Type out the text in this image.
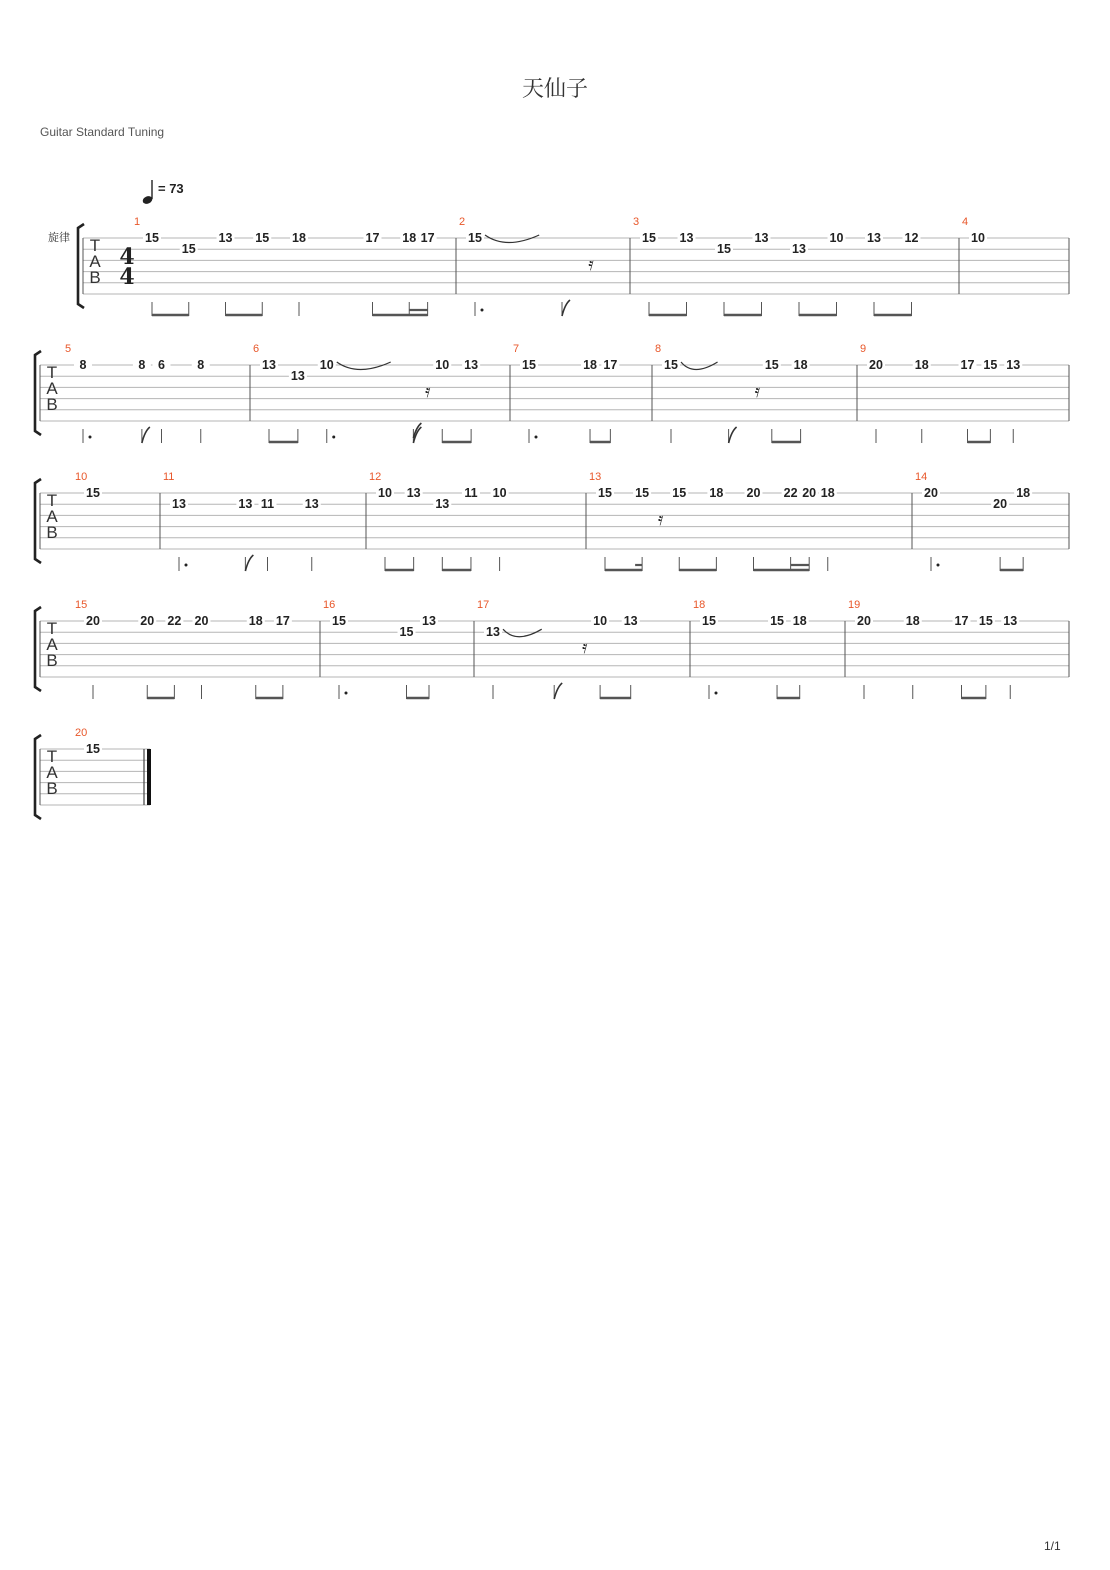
天仙子
Guitar Standard Tuning
= 73
旋律
1/1
T
A
B
4
4
1
15
15
13 15 18	17 18 17
2
15
𝄿
3
15 13
15
13
13
10 13 12
4
10
T
A
B
5
8	8 6	8
6
13
13
10
𝄿
10 13
7
15	18 17
8
15
𝄿
15 18
9
20	18	17 15 13
T
A
B
10
15
11
13	13 11 13
12
10 13
13
11 10
13
15 15
𝄿
15 18 20 22 20 18
14
20
20
18
T
A
B
15
20	20 22 20	18 17
16
15
15
13
17
13
𝄿
10 13
18
15	15 18
19
20	18	17 15 13
T
A
B
20
15
